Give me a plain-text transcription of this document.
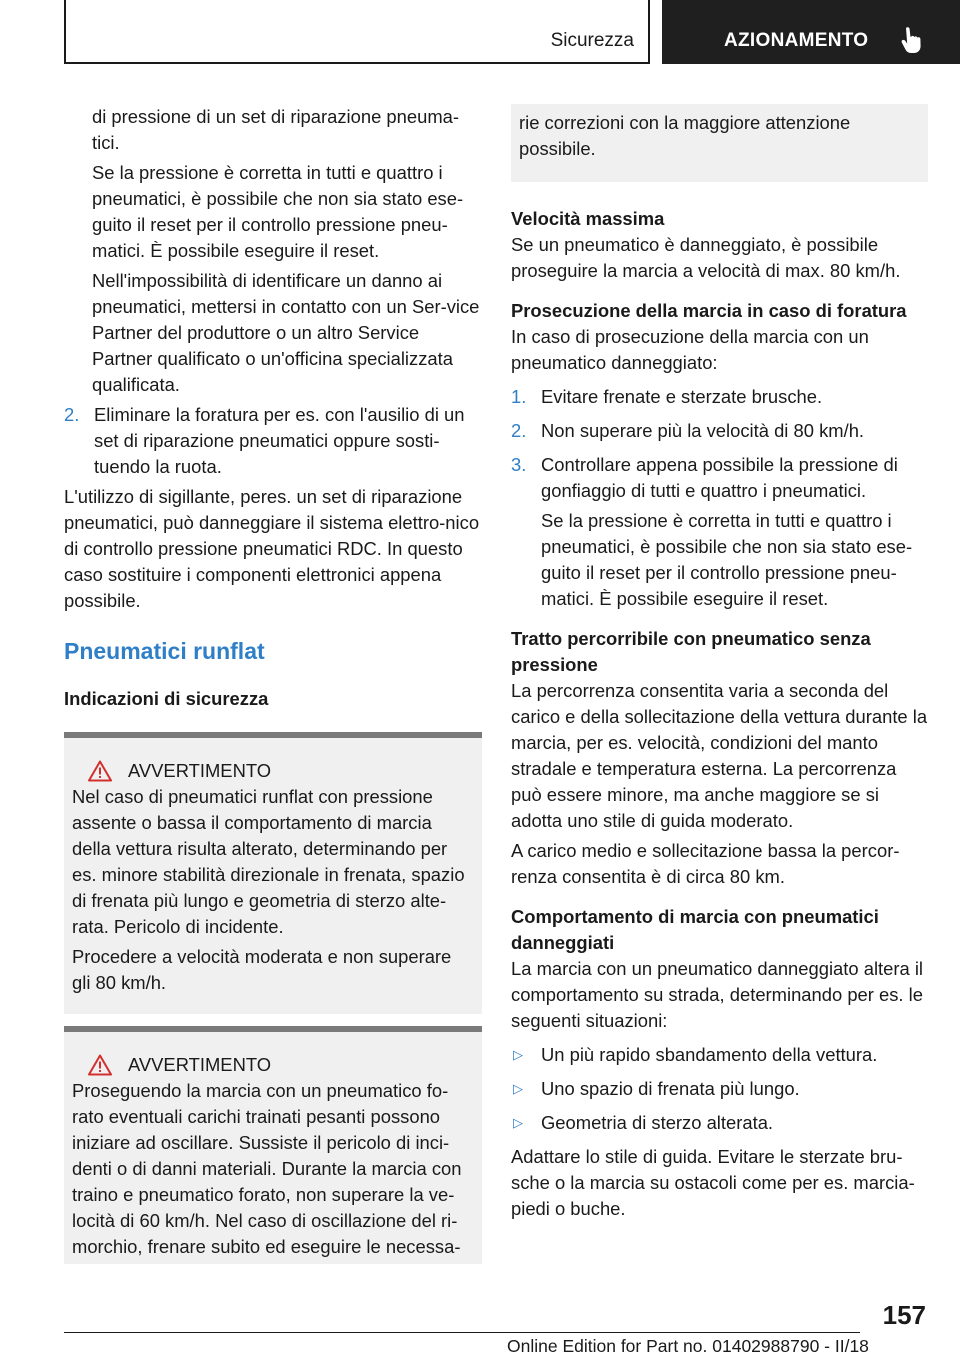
Sicurezza	AZIONAMENTO

di pressione di un set di riparazione pneuma-tici.

Se la pressione è corretta in tutti e quattro i pneumatici, è possibile che non sia stato ese-guito il reset per il controllo pressione pneu-matici. È possibile eseguire il reset.

Nell'impossibilità di identificare un danno ai pneumatici, mettersi in contatto con un Ser-vice Partner del produttore o un altro Service Partner qualificato o un'officina specializzata qualificata.

2. Eliminare la foratura per es. con l'ausilio di un set di riparazione pneumatici oppure sosti-tuendo la ruota.

L'utilizzo di sigillante, peres. un set di riparazione pneumatici, può danneggiare il sistema elettro-nico di controllo pressione pneumatici RDC. In questo caso sostituire i componenti elettronici appena possibile.

Pneumatici runflat

Indicazioni di sicurezza

AVVERTIMENTO

Nel caso di pneumatici runflat con pressione assente o bassa il comportamento di marcia della vettura risulta alterato, determinando per es. minore stabilità direzionale in frenata, spazio di frenata più lungo e geometria di sterzo alte-rata. Pericolo di incidente.

Procedere a velocità moderata e non superare gli 80 km/h.

AVVERTIMENTO

Proseguendo la marcia con un pneumatico fo-rato eventuali carichi trainati pesanti possono iniziare ad oscillare. Sussiste il pericolo di inci-denti o di danni materiali. Durante la marcia con traino e pneumatico forato, non superare la ve-locità di 60 km/h. Nel caso di oscillazione del ri-morchio, frenare subito ed eseguire le necessa-

rie correzioni con la maggiore attenzione possibile.

Velocità massima

Se un pneumatico è danneggiato, è possibile proseguire la marcia a velocità di max. 80 km/h.

Prosecuzione della marcia in caso di foratura

In caso di prosecuzione della marcia con un pneumatico danneggiato:

1. Evitare frenate e sterzate brusche.
2. Non superare più la velocità di 80 km/h.
3. Controllare appena possibile la pressione di gonfiaggio di tutti e quattro i pneumatici.

Se la pressione è corretta in tutti e quattro i pneumatici, è possibile che non sia stato ese-guito il reset per il controllo pressione pneu-matici. È possibile eseguire il reset.

Tratto percorribile con pneumatico senza pressione

La percorrenza consentita varia a seconda del carico e della sollecitazione della vettura durante la marcia, per es. velocità, condizioni del manto stradale e temperatura esterna. La percorrenza può essere minore, ma anche maggiore se si adotta uno stile di guida moderato.

A carico medio e sollecitazione bassa la percor-renza consentita è di circa 80 km.

Comportamento di marcia con pneumatici danneggiati

La marcia con un pneumatico danneggiato altera il comportamento su strada, determinando per es. le seguenti situazioni:

▷ Un più rapido sbandamento della vettura.
▷ Uno spazio di frenata più lungo.
▷ Geometria di sterzo alterata.

Adattare lo stile di guida. Evitare le sterzate bru-sche o la marcia su ostacoli come per es. marcia-piedi o buche.

157
Online Edition for Part no. 01402988790 - II/18
